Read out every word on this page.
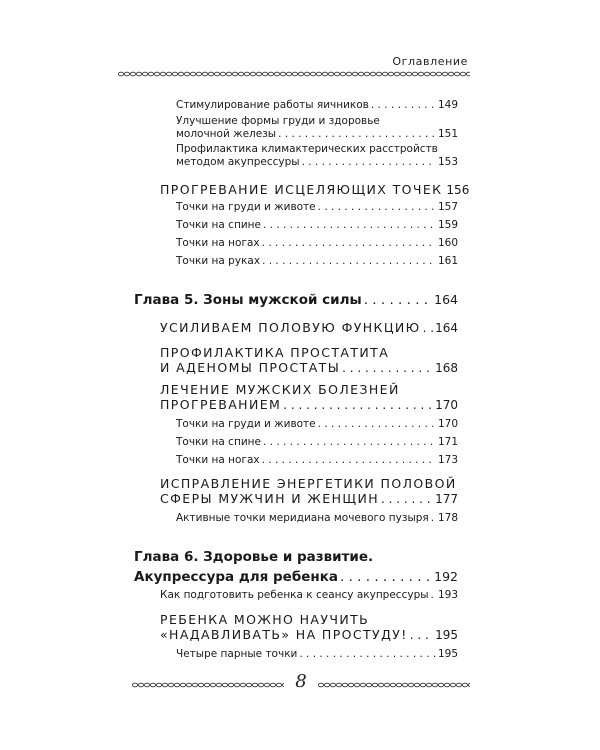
Оглавление
Стимулирование работы яичников . . .	149
Улучшение формы груди и здоровье
молочной железы . . .	151
Профилактика климактерических расстройств
методом акупрессуры . . .	153
ПРОГРЕВАНИЕ ИСЦЕЛЯЮЩИХ ТОЧЕК 156
Точки на груди и животе . . .	157
Точки на спине . . .	159
Точки на ногах . . .	160
Точки на руках . . .	161
Глава 5. Зоны мужской силы . . .	164
УСИЛИВАЕМ ПОЛОВУЮ ФУНКЦИЮ . . . 164
ПРОФИЛАКТИКА ПРОСТАТИТА
И АДЕНОМЫ ПРОСТАТЫ . . .	168
ЛЕЧЕНИЕ МУЖСКИХ БОЛЕЗНЕЙ
ПРОГРЕВАНИЕМ . . .	170
Точки на груди и животе . . .	170
Точки на спине . . .	171
Точки на ногах . . .	173
ИСПРАВЛЕНИЕ ЭНЕРГЕТИКИ ПОЛОВОЙ
СФЕРЫ МУЖЧИН И ЖЕНЩИН . . .	177
Активные точки меридиана мочевого пузыря . . . 178
Глава 6. Здоровье и развитие.
Акупрессура для ребенка . . .	192
Как подготовить ребенка к сеансу акупрессуры . . . 193
РЕБЕНКА МОЖНО НАУЧИТЬ
«НАДАВЛИВАТЬ» НА ПРОСТУДУ! . . . 195
Четыре парные точки . . .	195
8
